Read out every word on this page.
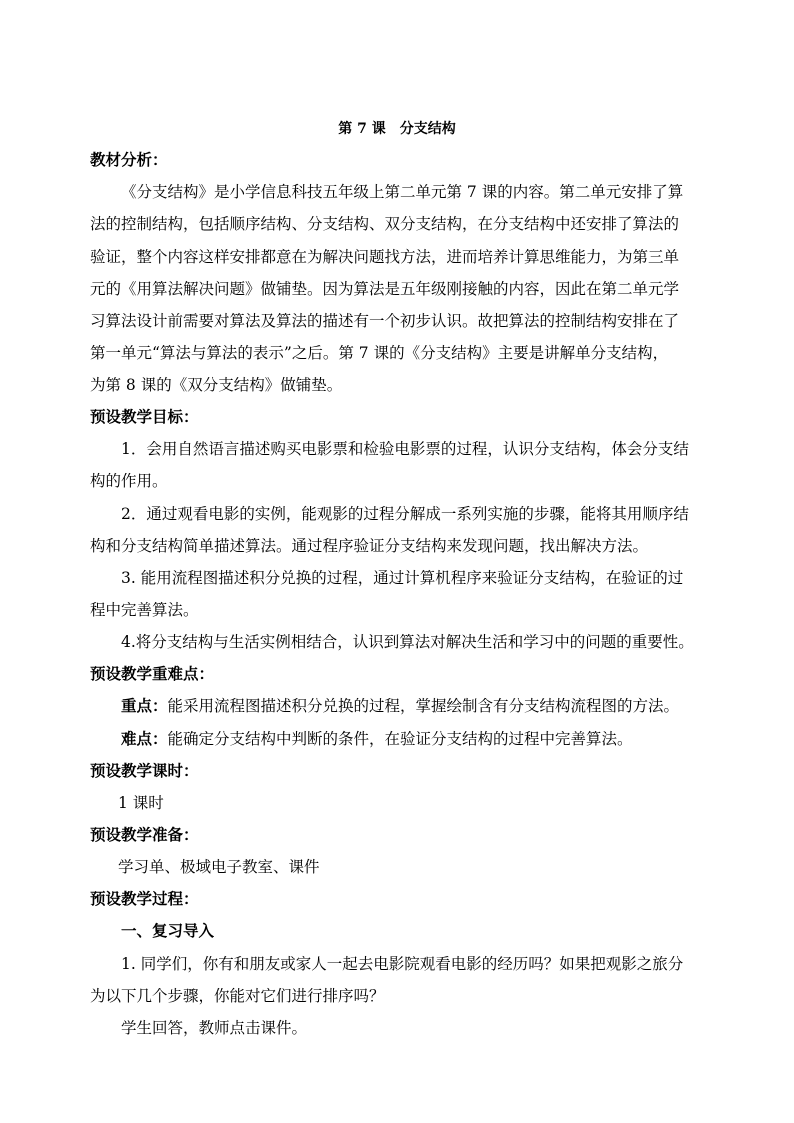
第 7 课　分支结构
教材分析：
《分支结构》是小学信息科技五年级上第二单元第 7 课的内容。第二单元安排了算
法的控制结构，包括顺序结构、分支结构、双分支结构，在分支结构中还安排了算法的
验证，整个内容这样安排都意在为解决问题找方法，进而培养计算思维能力，为第三单
元的《用算法解决问题》做铺垫。因为算法是五年级刚接触的内容，因此在第二单元学
习算法设计前需要对算法及算法的描述有一个初步认识。故把算法的控制结构安排在了
第一单元“算法与算法的表示”之后。第 7 课的《分支结构》主要是讲解单分支结构，
为第 8 课的《双分支结构》做铺垫。
预设教学目标：
1．会用自然语言描述购买电影票和检验电影票的过程，认识分支结构，体会分支结
构的作用。
2．通过观看电影的实例，能观影的过程分解成一系列实施的步骤，能将其用顺序结
构和分支结构简单描述算法。通过程序验证分支结构来发现问题，找出解决方法。
3. 能用流程图描述积分兑换的过程，通过计算机程序来验证分支结构，在验证的过
程中完善算法。
4.将分支结构与生活实例相结合，认识到算法对解决生活和学习中的问题的重要性。
预设教学重难点：
重点：能采用流程图描述积分兑换的过程，掌握绘制含有分支结构流程图的方法。
难点：能确定分支结构中判断的条件，在验证分支结构的过程中完善算法。
预设教学课时：
1 课时
预设教学准备：
学习单、极域电子教室、课件
预设教学过程：
一、复习导入
1. 同学们，你有和朋友或家人一起去电影院观看电影的经历吗？如果把观影之旅分
为以下几个步骤，你能对它们进行排序吗？
学生回答，教师点击课件。
